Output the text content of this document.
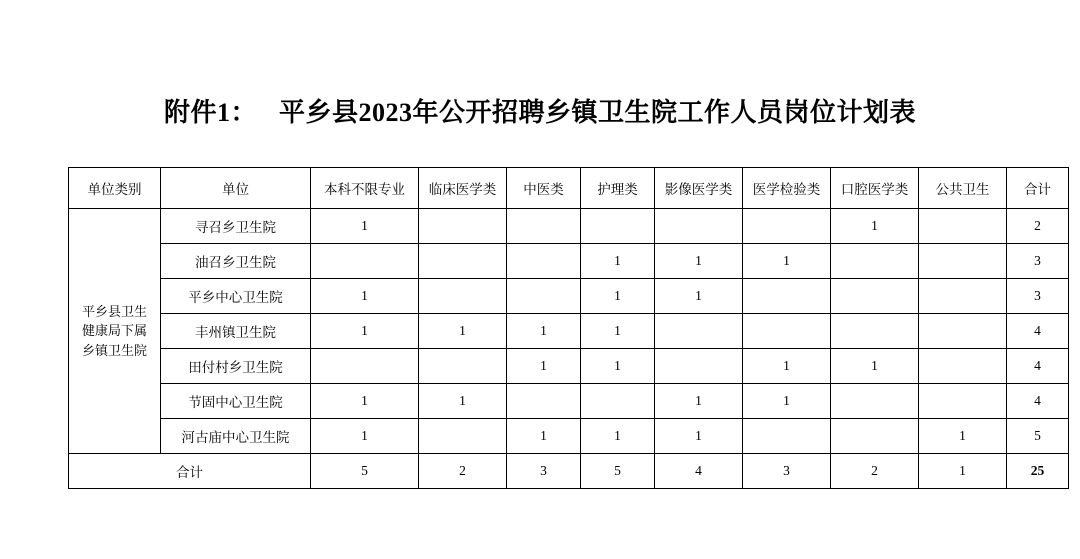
附件1： 平乡县2023年公开招聘乡镇卫生院工作人员岗位计划表
单位类别	单位	本科不限专业	临床医学类	中医类	护理类	影像医学类	医学检验类	口腔医学类	公共卫生	合计

平乡县卫生
健康局下属
乡镇卫生院	寻召乡卫生院	1						1		2
	油召乡卫生院				1	1	1			3
	平乡中心卫生院	1			1	1				3
	丰州镇卫生院	1	1	1	1					4
	田付村乡卫生院			1	1		1	1		4
	节固中心卫生院	1	1			1	1			4
	河古庙中心卫生院	1		1	1	1			1	5
合计		5	2	3	5	4	3	2	1	25
